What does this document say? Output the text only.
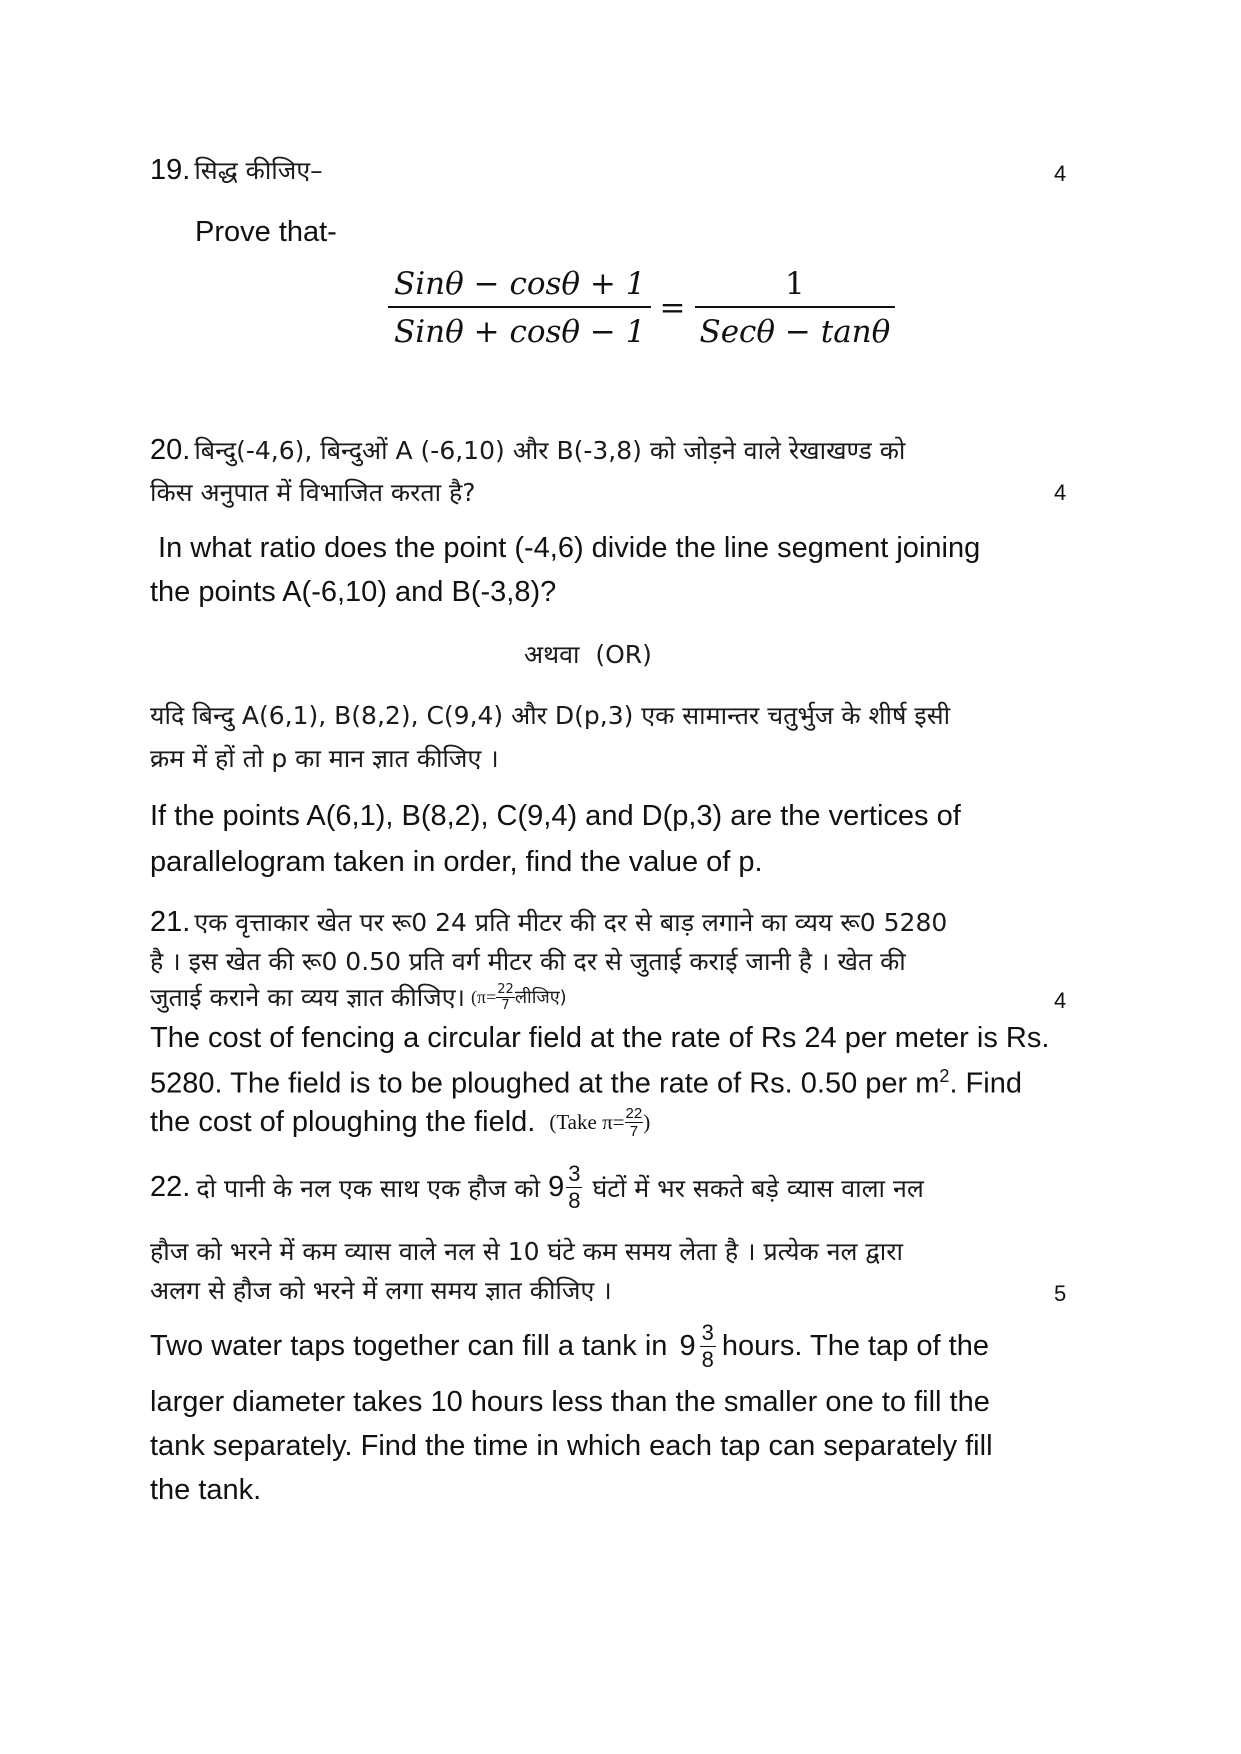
19. सिद्ध कीजिए–	4
Prove that-
$\frac{\text{Sinθ − cosθ + 1}}{\text{Sinθ + cosθ − 1}} = \frac{1}{\text{Secθ − tanθ}}$
20. बिन्दु(-4,6), बिन्दुओं A (-6,10) और B(-3,8) को जोड़ने वाले रेखाखण्ड को
किस अनुपात में विभाजित करता है?	4
In what ratio does the point (-4,6) divide the line segment joining
the points A(-6,10) and B(-3,8)?
अथवा  (OR)
यदि बिन्दु A(6,1), B(8,2), C(9,4) और D(p,3) एक सामान्तर चतुर्भुज के शीर्ष इसी
क्रम में हों तो p का मान ज्ञात कीजिए ।
If the points A(6,1), B(8,2), C(9,4) and D(p,3) are the vertices of
parallelogram taken in order, find the value of p.
21. एक वृत्ताकार खेत पर रू0 24 प्रति मीटर की दर से बाड़ लगाने का व्यय रू0 5280
है । इस खेत की रू0 0.50 प्रति वर्ग मीटर की दर से जुताई कराई जानी है । खेत की
जुताई कराने का व्यय ज्ञात कीजिए। ($\pi= \frac{22}{7}$ लीजिए)	4
The cost of fencing a circular field at the rate of Rs 24 per meter is Rs.
5280. The field is to be ploughed at the rate of Rs. 0.50 per $m^2$. Find
the cost of ploughing the field. (Take $\pi= \frac{22}{7}$ )
22. दो पानी के नल एक साथ एक हौज को $9 \frac{3}{8}$ घंटों में भर सकते बड़े व्यास वाला नल
हौज को भरने में कम व्यास वाले नल से 10 घंटे कम समय लेता है । प्रत्येक नल द्वारा
अलग से हौज को भरने में लगा समय ज्ञात कीजिए ।	5
Two water taps together can fill a tank in $9 \frac{3}{8}$ hours. The tap of the
larger diameter takes 10 hours less than the smaller one to fill the
tank separately. Find the time in which each tap can separately fill
the tank.
